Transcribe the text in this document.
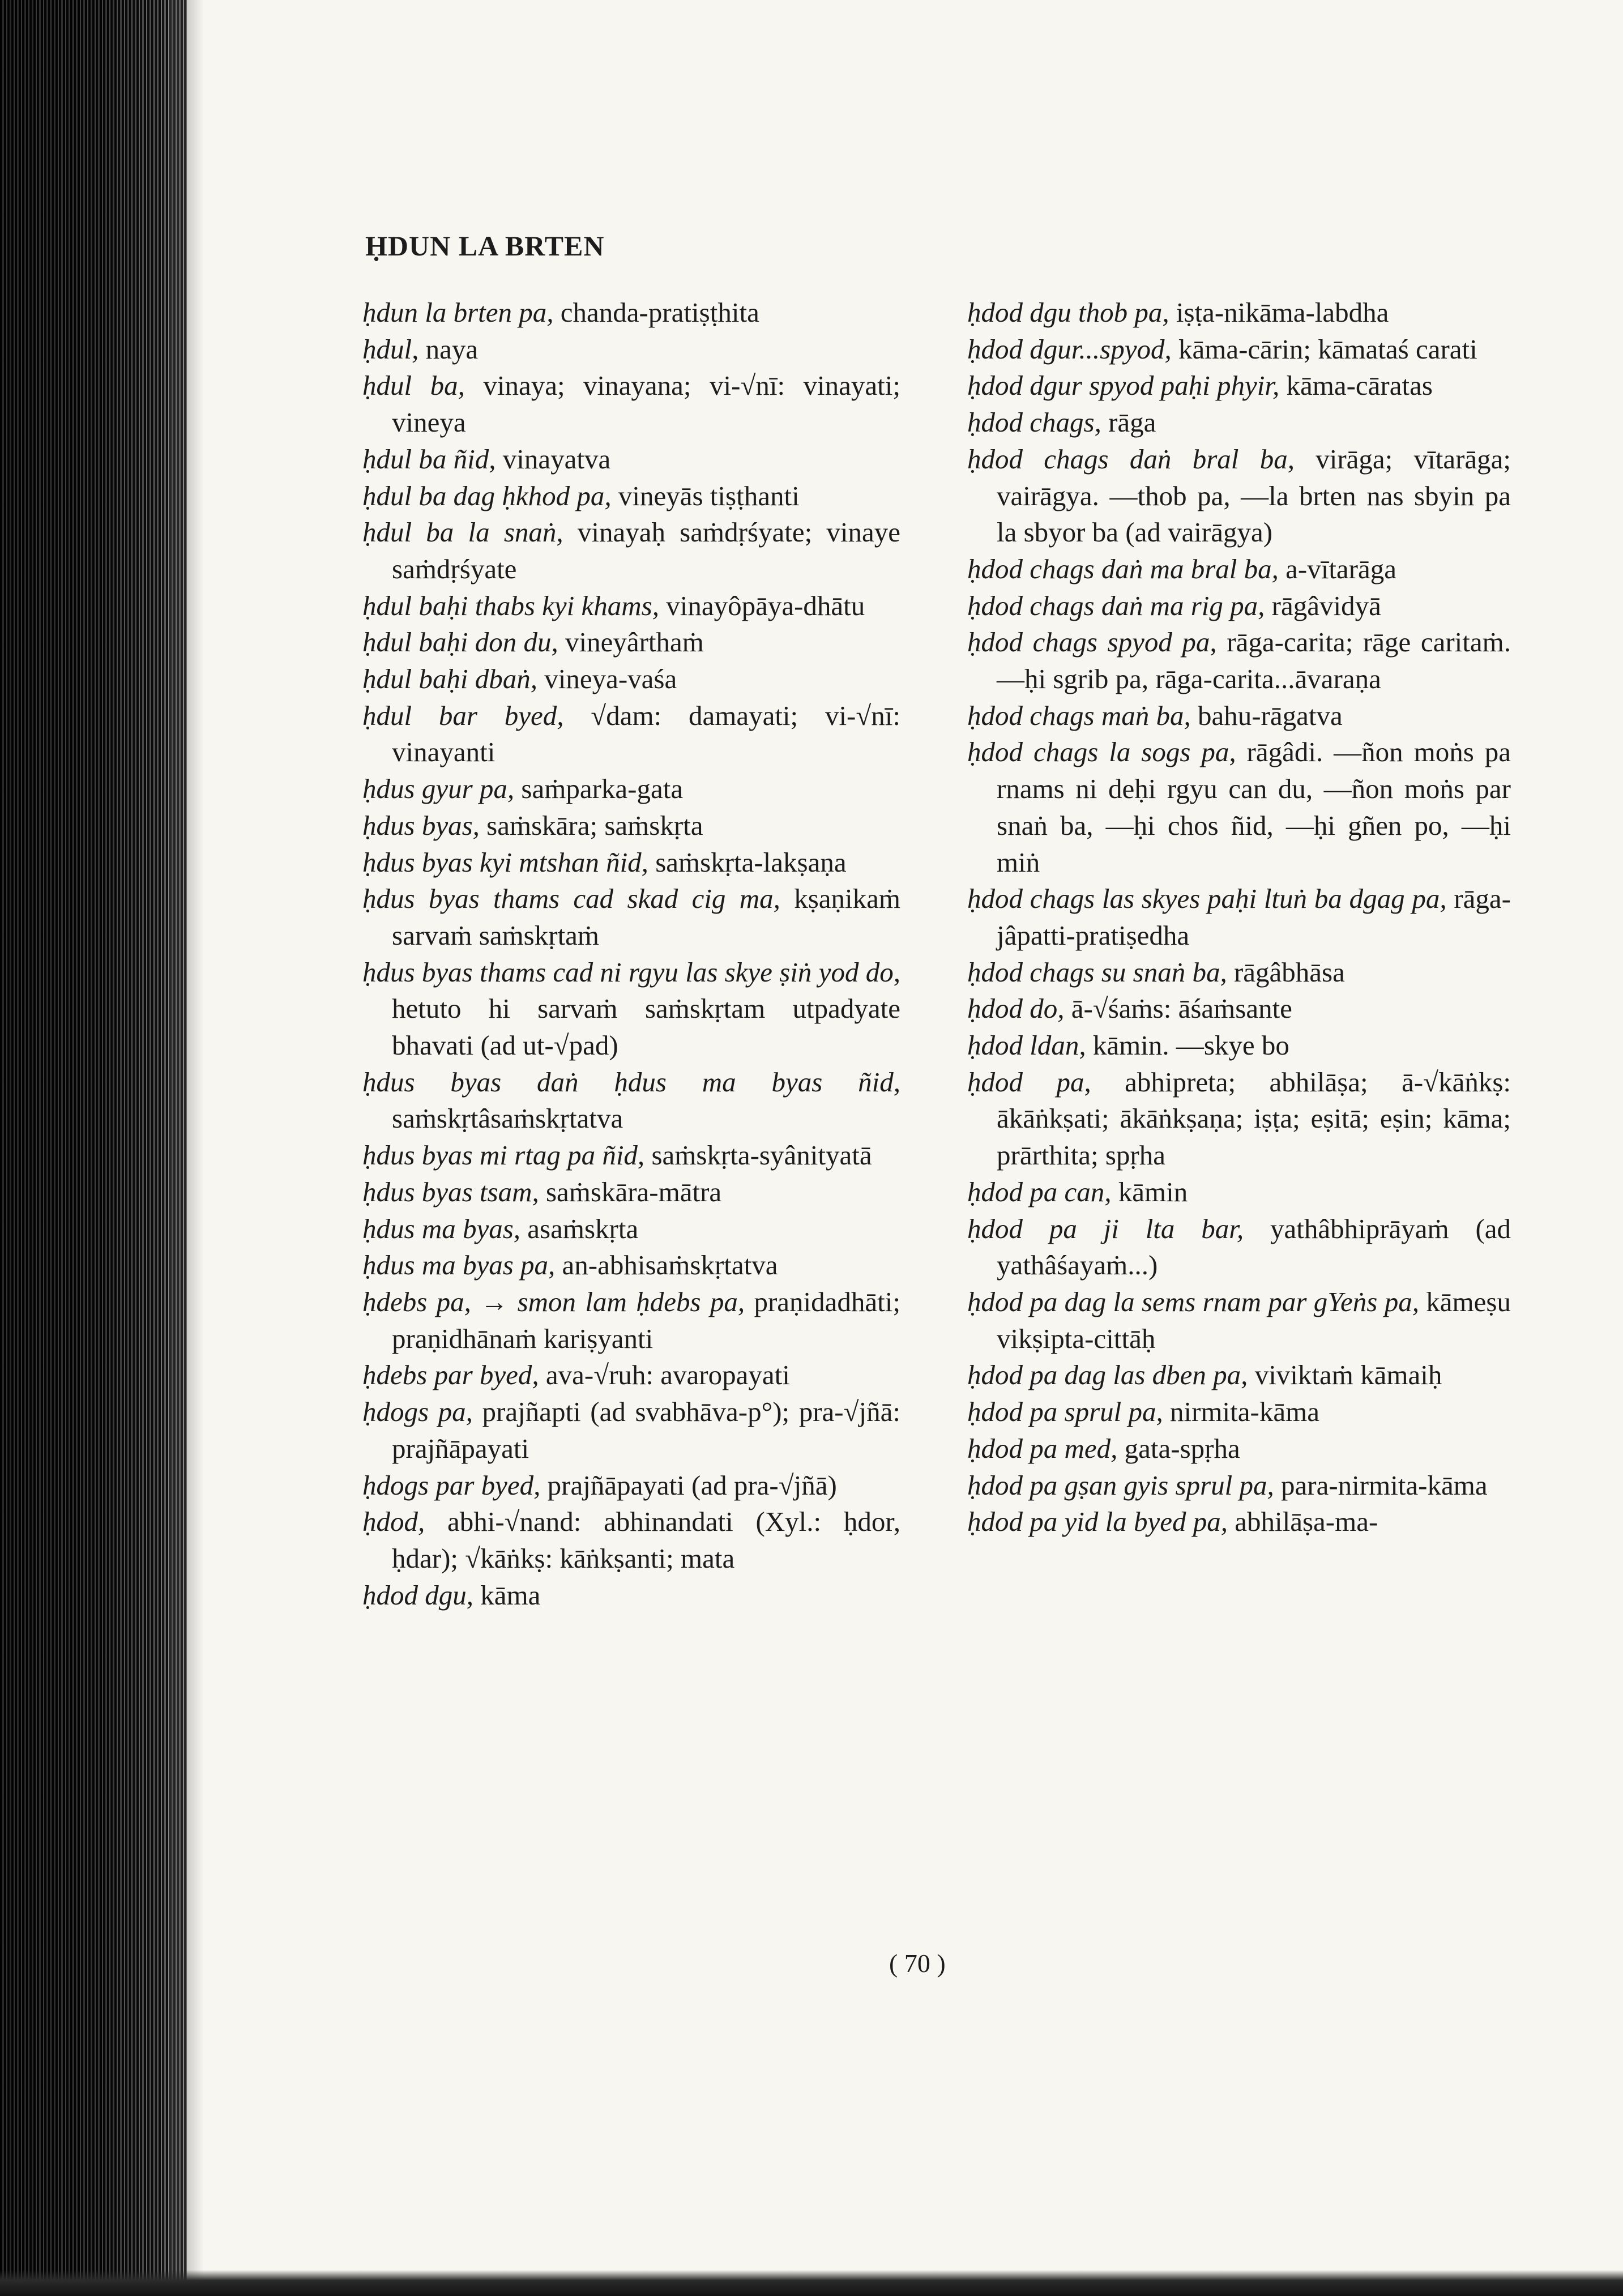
ḤDUN LA BRTEN
ḥdun la brten pa, chanda-pratiṣṭhita
ḥdul, naya
ḥdul ba, vinaya; vinayana; vi-√nī: vinayati; vineya
ḥdul ba ñid, vinayatva
ḥdul ba dag ḥkhod pa, vineyās tiṣṭhanti
ḥdul ba la snaṅ, vinayaḥ saṁdṛśyate; vinaye saṁdṛśyate
ḥdul baḥi thabs kyi khams, vinayôpāya-dhātu
ḥdul baḥi don du, vineyârthaṁ
ḥdul baḥi dbaṅ, vineya-vaśa
ḥdul bar byed, √dam: damayati; vi-√nī: vinayanti
ḥdus gyur pa, saṁparka-gata
ḥdus byas, saṁskāra; saṁskṛta
ḥdus byas kyi mtshan ñid, saṁskṛta-lakṣaṇa
ḥdus byas thams cad skad cig ma, kṣaṇikaṁ sarvaṁ saṁskṛtaṁ
ḥdus byas thams cad ni rgyu las skye ṣiṅ yod do, hetuto hi sarvaṁ saṁskṛtam utpadyate bhavati (ad ut-√pad)
ḥdus byas daṅ ḥdus ma byas ñid, saṁskṛtâsaṁskṛtatva
ḥdus byas mi rtag pa ñid, saṁskṛta-syânityatā
ḥdus byas tsam, saṁskāra-mātra
ḥdus ma byas, asaṁskṛta
ḥdus ma byas pa, an-abhisaṁskṛtatva
ḥdebs pa, → smon lam ḥdebs pa, praṇidadhāti; praṇidhānaṁ kariṣyanti
ḥdebs par byed, ava-√ruh: avaropayati
ḥdogs pa, prajñapti (ad svabhāva-p°); pra-√jñā: prajñāpayati
ḥdogs par byed, prajñāpayati (ad pra-√jñā)
ḥdod, abhi-√nand: abhinandati (Xyl.: ḥdor, ḥdar); √kāṅkṣ: kāṅkṣanti; mata
ḥdod dgu, kāma
ḥdod dgu thob pa, iṣṭa-nikāma-labdha
ḥdod dgur...spyod, kāma-cārin; kāmataś carati
ḥdod dgur spyod paḥi phyir, kāma-cāratas
ḥdod chags, rāga
ḥdod chags daṅ bral ba, virāga; vītarāga; vairāgya. —thob pa, —la brten nas sbyin pa la sbyor ba (ad vairāgya)
ḥdod chags daṅ ma bral ba, a-vītarāga
ḥdod chags daṅ ma rig pa, rāgâvidyā
ḥdod chags spyod pa, rāga-carita; rāge caritaṁ. —ḥi sgrib pa, rāga-carita...āvaraṇa
ḥdod chags maṅ ba, bahu-rāgatva
ḥdod chags la sogs pa, rāgâdi. —ñon moṅs pa rnams ni deḥi rgyu can du, —ñon moṅs par snaṅ ba, —ḥi chos ñid, —ḥi gñen po, —ḥi miṅ
ḥdod chags las skyes paḥi ltuṅ ba dgag pa, rāga-jâpatti-pratiṣedha
ḥdod chags su snaṅ ba, rāgâbhāsa
ḥdod do, ā-√śaṁs: āśaṁsante
ḥdod ldan, kāmin. —skye bo
ḥdod pa, abhipreta; abhilāṣa; ā-√kāṅkṣ: ākāṅkṣati; ākāṅkṣaṇa; iṣṭa; eṣitā; eṣin; kāma; prārthita; spṛha
ḥdod pa can, kāmin
ḥdod pa ji lta bar, yathâbhiprāyaṁ (ad yathâśayaṁ...)
ḥdod pa dag la sems rnam par gYeṅs pa, kāmeṣu vikṣipta-cittāḥ
ḥdod pa dag las dben pa, viviktaṁ kāmaiḥ
ḥdod pa sprul pa, nirmita-kāma
ḥdod pa med, gata-spṛha
ḥdod pa gṣan gyis sprul pa, para-nirmita-kāma
ḥdod pa yid la byed pa, abhilāṣa-ma-
( 70 )
